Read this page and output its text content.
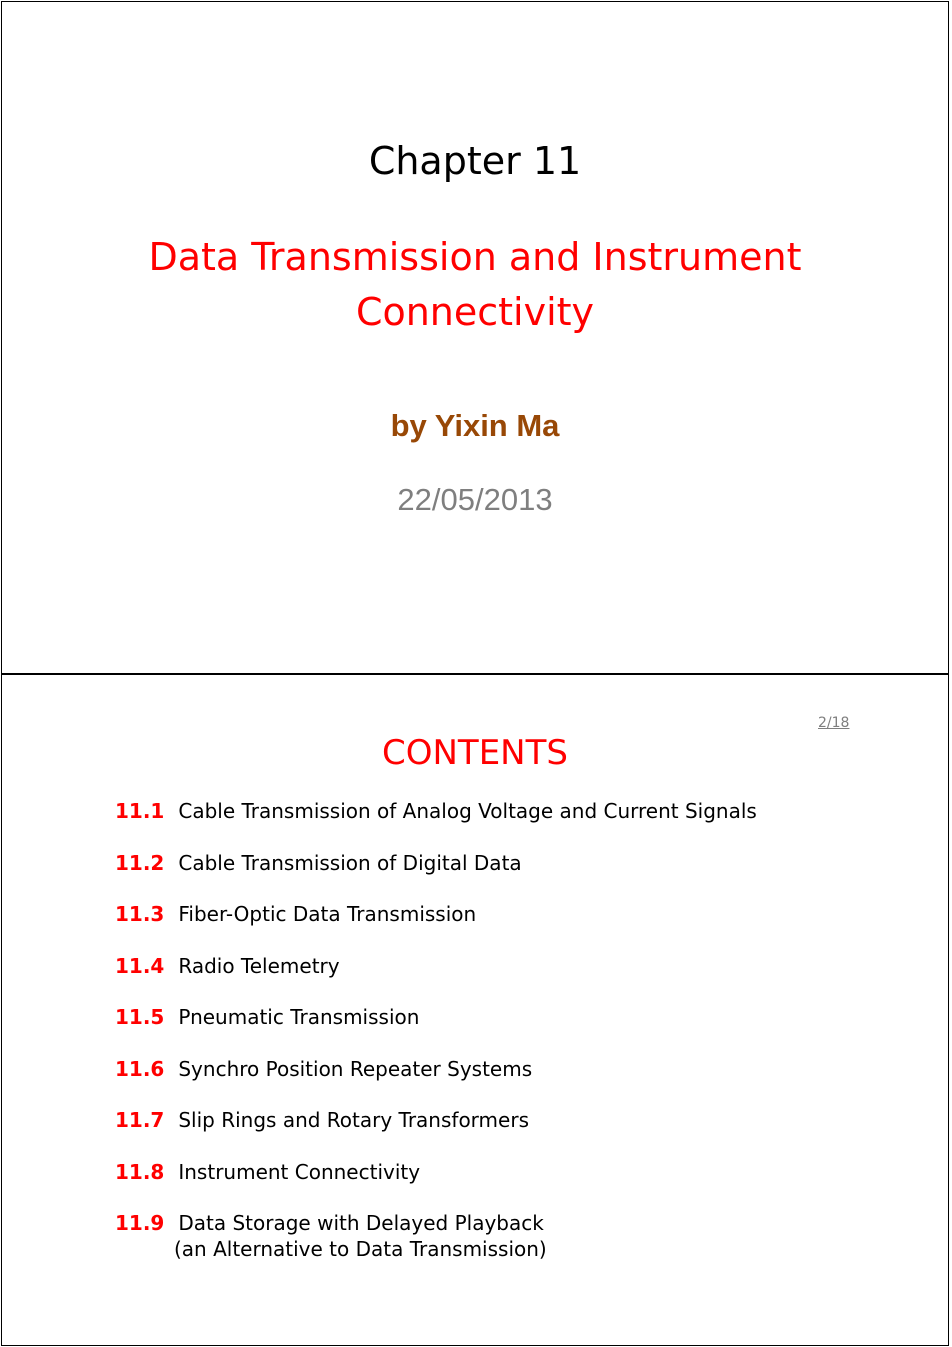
Chapter 11
Data Transmission and Instrument
Connectivity
by Yixin Ma
22/05/2013
2/18
CONTENTS
11.1 Cable Transmission of Analog Voltage and Current Signals
11.2 Cable Transmission of Digital Data
11.3 Fiber-Optic Data Transmission
11.4 Radio Telemetry
11.5 Pneumatic Transmission
11.6 Synchro Position Repeater Systems
11.7 Slip Rings and Rotary Transformers
11.8 Instrument Connectivity
11.9 Data Storage with Delayed Playback
(an Alternative to Data Transmission)
